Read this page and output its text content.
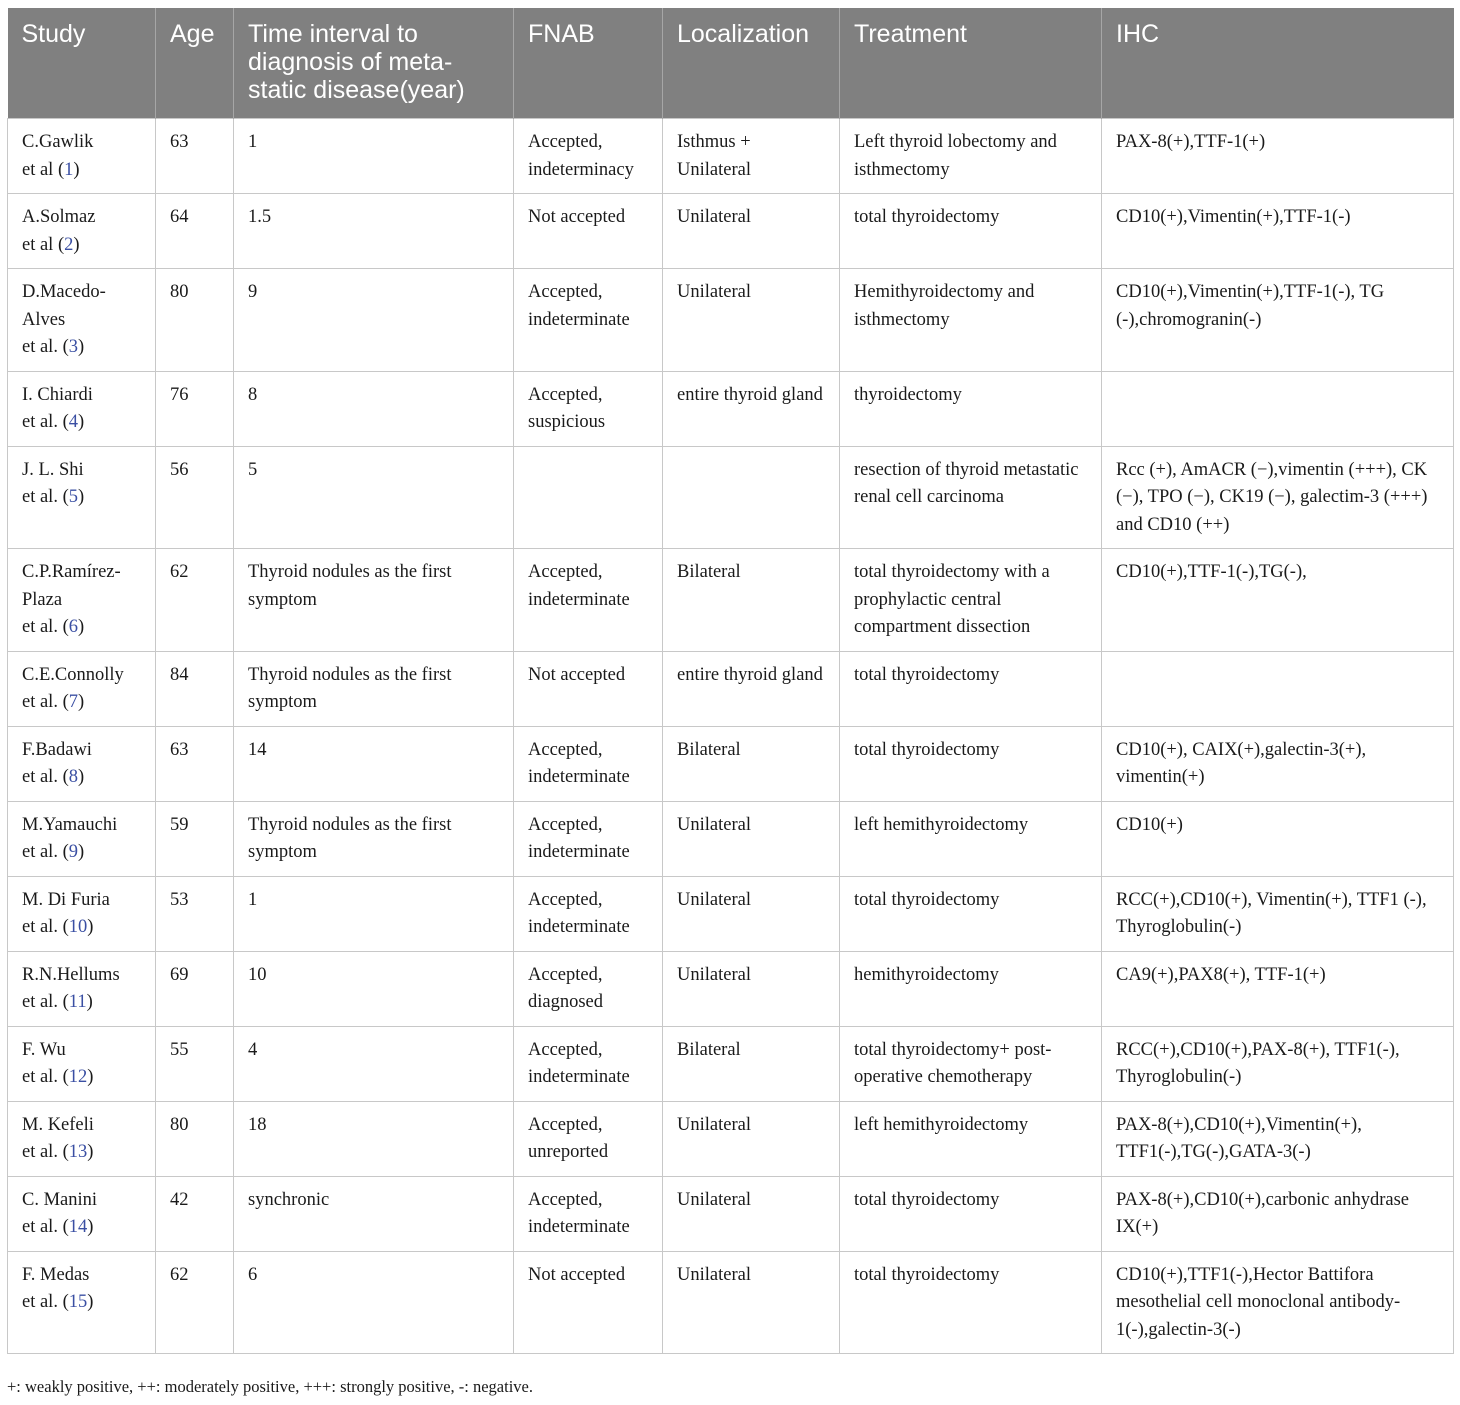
Study	Age	Time interval to diagnosis of meta-static disease(year)	FNAB	Localization	Treatment	IHC
C.Gawlik
et al (1)	63	1	Accepted, indeterminacy	Isthmus + Unilateral	Left thyroid lobectomy and isthmectomy	PAX-8(+),TTF-1(+)
A.Solmaz
et al (2)	64	1.5	Not accepted	Unilateral	total thyroidectomy	CD10(+),Vimentin(+),TTF-1(-)
D.Macedo-Alves
et al. (3)	80	9	Accepted, indeterminate	Unilateral	Hemithyroidectomy and isthmectomy	CD10(+),Vimentin(+),TTF-1(-), TG (-),chromogranin(-)
I. Chiardi
et al. (4)	76	8	Accepted, suspicious	entire thyroid gland	thyroidectomy	
J. L. Shi
et al. (5)	56	5			resection of thyroid metastatic renal cell carcinoma	Rcc (+), AmACR (−),vimentin (+++), CK (−), TPO (−), CK19 (−), galectim-3 (+++) and CD10 (++)
C.P.Ramírez-Plaza
et al. (6)	62	Thyroid nodules as the first symptom	Accepted, indeterminate	Bilateral	total thyroidectomy with a prophylactic central compartment dissection	CD10(+),TTF-1(-),TG(-),
C.E.Connolly
et al. (7)	84	Thyroid nodules as the first symptom	Not accepted	entire thyroid gland	total thyroidectomy	
F.Badawi
et al. (8)	63	14	Accepted, indeterminate	Bilateral	total thyroidectomy	CD10(+), CAIX(+),galectin-3(+), vimentin(+)
M.Yamauchi
et al. (9)	59	Thyroid nodules as the first symptom	Accepted, indeterminate	Unilateral	left hemithyroidectomy	CD10(+)
M. Di Furia
et al. (10)	53	1	Accepted, indeterminate	Unilateral	total thyroidectomy	RCC(+),CD10(+), Vimentin(+), TTF1 (-), Thyroglobulin(-)
R.N.Hellums
et al. (11)	69	10	Accepted, diagnosed	Unilateral	hemithyroidectomy	CA9(+),PAX8(+), TTF-1(+)
F. Wu
et al. (12)	55	4	Accepted, indeterminate	Bilateral	total thyroidectomy+ post-operative chemotherapy	RCC(+),CD10(+),PAX-8(+), TTF1(-), Thyroglobulin(-)
M. Kefeli
et al. (13)	80	18	Accepted, unreported	Unilateral	left hemithyroidectomy	PAX-8(+),CD10(+),Vimentin(+), TTF1(-),TG(-),GATA-3(-)
C. Manini
et al. (14)	42	synchronic	Accepted, indeterminate	Unilateral	total thyroidectomy	PAX-8(+),CD10(+),carbonic anhydrase IX(+)
F. Medas
et al. (15)	62	6	Not accepted	Unilateral	total thyroidectomy	CD10(+),TTF1(-),Hector Battifora mesothelial cell monoclonal antibody-1(-),galectin-3(-)
+: weakly positive, ++: moderately positive, +++: strongly positive, -: negative.
